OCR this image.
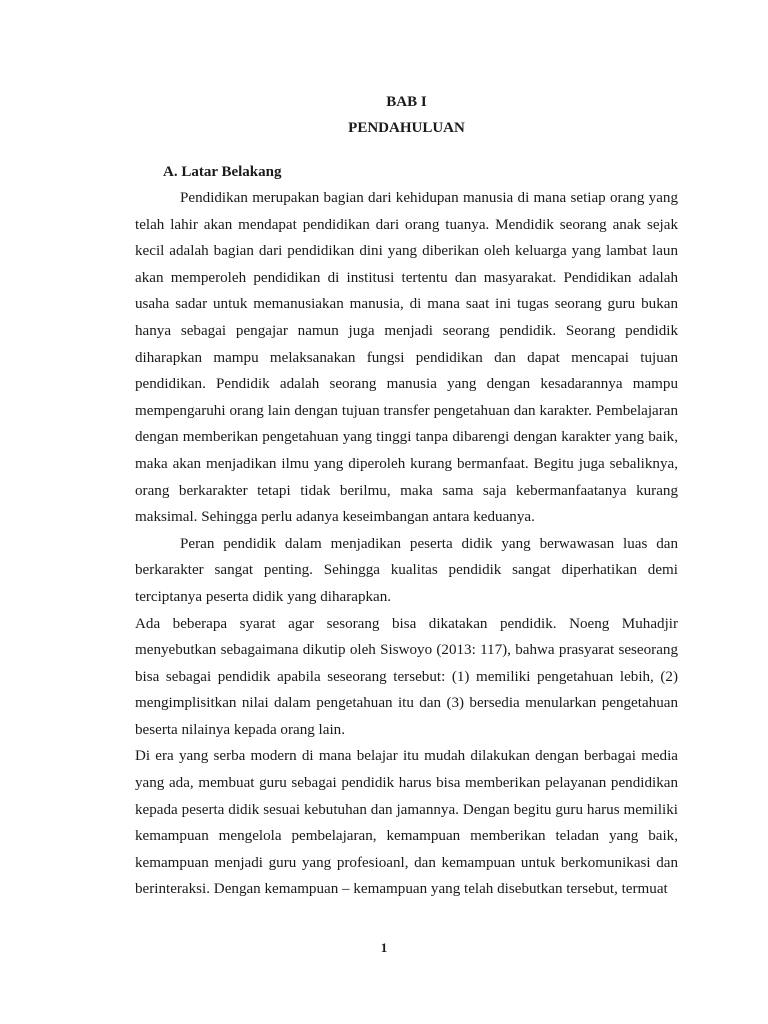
BAB I

PENDAHULUAN

A. Latar Belakang

Pendidikan merupakan bagian dari kehidupan manusia di mana setiap orang yang telah lahir akan mendapat pendidikan dari orang tuanya. Mendidik seorang anak sejak kecil adalah bagian dari pendidikan dini yang diberikan oleh keluarga yang lambat laun akan memperoleh pendidikan di institusi tertentu dan masyarakat. Pendidikan adalah usaha sadar untuk memanusiakan manusia, di mana saat ini tugas seorang guru bukan hanya sebagai pengajar namun juga menjadi seorang pendidik. Seorang pendidik diharapkan mampu melaksanakan fungsi pendidikan dan dapat mencapai tujuan pendidikan. Pendidik adalah seorang manusia yang dengan kesadarannya mampu mempengaruhi orang lain dengan tujuan transfer pengetahuan dan karakter. Pembelajaran dengan memberikan pengetahuan yang tinggi tanpa dibarengi dengan karakter yang baik, maka akan menjadikan ilmu yang diperoleh kurang bermanfaat. Begitu juga sebaliknya, orang berkarakter tetapi tidak berilmu, maka sama saja kebermanfaatanya kurang maksimal. Sehingga perlu adanya keseimbangan antara keduanya.

Peran pendidik dalam menjadikan peserta didik yang berwawasan luas dan berkarakter sangat penting. Sehingga kualitas pendidik sangat diperhatikan demi terciptanya peserta didik yang diharapkan.

Ada beberapa syarat agar sesorang bisa dikatakan pendidik. Noeng Muhadjir menyebutkan sebagaimana dikutip oleh Siswoyo (2013: 117), bahwa prasyarat seseorang bisa sebagai pendidik apabila seseorang tersebut: (1) memiliki pengetahuan lebih, (2) mengimplisitkan nilai dalam pengetahuan itu dan (3) bersedia menularkan pengetahuan beserta nilainya kepada orang lain.

Di era yang serba modern di mana belajar itu mudah dilakukan dengan berbagai media yang ada, membuat guru sebagai pendidik harus bisa memberikan pelayanan pendidikan kepada peserta didik sesuai kebutuhan dan jamannya. Dengan begitu guru harus memiliki kemampuan mengelola pembelajaran, kemampuan memberikan teladan yang baik, kemampuan menjadi guru yang profesioanl, dan kemampuan untuk berkomunikasi dan berinteraksi. Dengan kemampuan – kemampuan yang telah disebutkan tersebut, termuat

1
